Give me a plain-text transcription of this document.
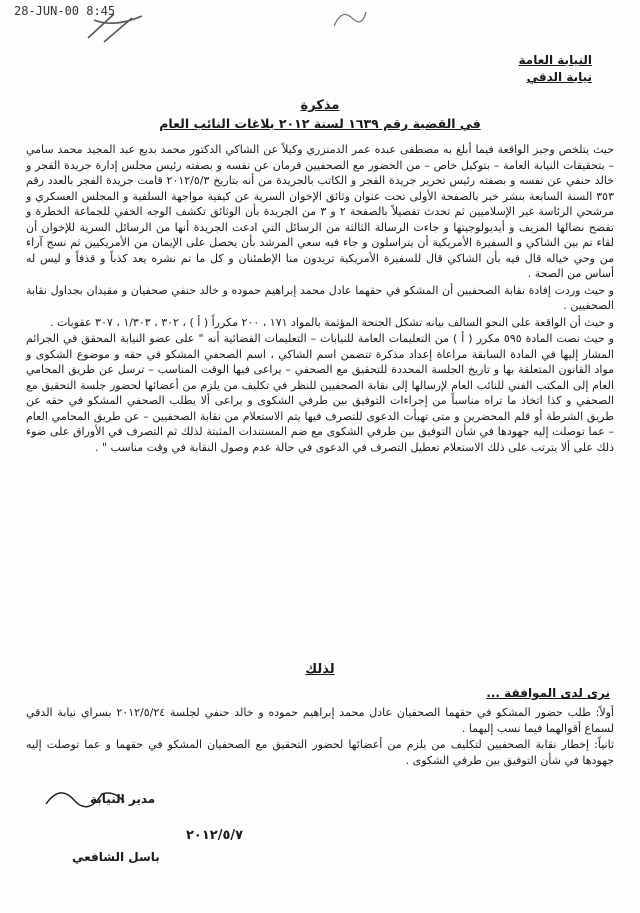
28-JUN-00 8:45
النيابة العامة
نيابة الدقي
مذكرة
في القضية رقم ١٦٣٩ لسنة ٢٠١٢ بلاغات النائب العام

حيث يتلخص وجيز الواقعة فيما أبلغ به مصطفى عبده عمر الدمنزري وكيلاً عن الشاكي الدكتور محمد بديع عبد المجيد محمد سامي – بتحقيقات النيابة العامة – بتوكيل خاص – من الحضور مع الصحفيين قرمان عن نفسه و بصفته رئيس مجلس إدارة جريدة الفجر و خالد حنفي عن نفسه و بصفته رئيس تحرير جريدة الفجر و الكاتب بالجريدة من أنه بتاريخ ٢٠١٢/٥/٣ قامت جريدة الفجر بالعدد رقم ٣٥٣ السنة السابعة بنشر خبر بالصفحة الأولى تحت عنوان وثائق الإخوان السرية عن كيفية مواجهة السلفية و المجلس العسكري و مرشحي الرئاسة غير الإسلاميين ثم تحدث تفصيلاً بالصفحة ٢ و ٣ من الجريدة بأن الوثائق تكشف الوجه الخفي للجماعة الخطرة و تفضح نضالها المزيف و أيديولوجيتها و جاءت الرسالة الثالثة من الرسائل التي ادعت الجريدة أنها من الرسائل السرية للإخوان أن لقاء تم بين الشاكي و السفيرة الأمريكية أن يتراسلون و جاء فيه سعي المرشد بأن يحصل على الإيمان من الأمريكيين ثم نسج آراء من وحي خياله قال فيه بأن الشاكي قال للسفيرة الأمريكية تريدون منا الإطمئنان و كل ما تم نشره يعد كذباً و قذفاً و ليس له أساس من الصحة .

و حيث وردت إفادة نقابة الصحفيين أن المشكو في حقهما عادل محمد إبراهيم حموده و خالد حنفي صحفيان و مقيدان بجداول نقابة الصحفيين .

و حيث أن الواقعة على النحو السالف بيانه تشكل الجنحة المؤثمة بالمواد ١٧١ ، ٢٠٠ مكرراً ( أ ) ، ٣٠٢ ، ١/٣٠٣ ، ٣٠٧ عقوبات .

و حيث نصت المادة ٥٩٥ مكرر ( أ ) من التعليمات العامة للنيابات – التعليمات القضائية أنه " على عضو النيابة المحقق في الجرائم المشار إليها في المادة السابقة مراعاة إعداد مذكرة تتضمن اسم الشاكي ، اسم الصحفي المشكو في حقه و موضوع الشكوى و مواد القانون المتعلقة بها و تاريخ الجلسة المحددة للتحقيق مع الصحفي – يراعى فيها الوقت المناسب – ترسل عن طريق المحامي العام إلى المكتب الفني للنائب العام لإرسالها إلى نقابة الصحفيين للنظر في تكليف من يلزم من أعضائها لحضور جلسة التحقيق مع الصحفي و كذا اتخاذ ما تراه مناسباً من إجراءات التوفيق بين طرفي الشكوى و يراعى ألا يطلب الصحفي المشكو في حقه عن طريق الشرطة أو قلم المحضرين و متى تهيأت الدعوى للتصرف فيها يتم الاستعلام من نقابة الصحفيين – عن طريق المحامي العام – عما توصلت إليه جهودها في شأن التوفيق بين طرفي الشكوى مع ضم المستندات المثبتة لذلك ثم التصرف في الأوراق على ضوء ذلك على ألا يترتب على ذلك الاستعلام تعطيل التصرف في الدعوى في حالة عدم وصول النقابة في وقت مناسب " .

لذلك
نرى لدى الموافقة ...

أولاً: طلب حضور المشكو في حقهما الصحفيان عادل محمد إبراهيم حموده و خالد حنفي لجلسة ٢٠١٢/٥/٢٤ بسراي نيابة الدقي لسماع أقوالهما فيما نسب إليهما .

ثانياً: إخطار نقابة الصحفيين لتكليف من يلزم من أعضائها لحضور التحقيق مع الصحفيان المشكو في حقهما و عما توصلت إليه جهودها في شأن التوفيق بين طرفي الشكوى .

مدير النيابة
٢٠١٢/٥/٧
باسل الشافعي
